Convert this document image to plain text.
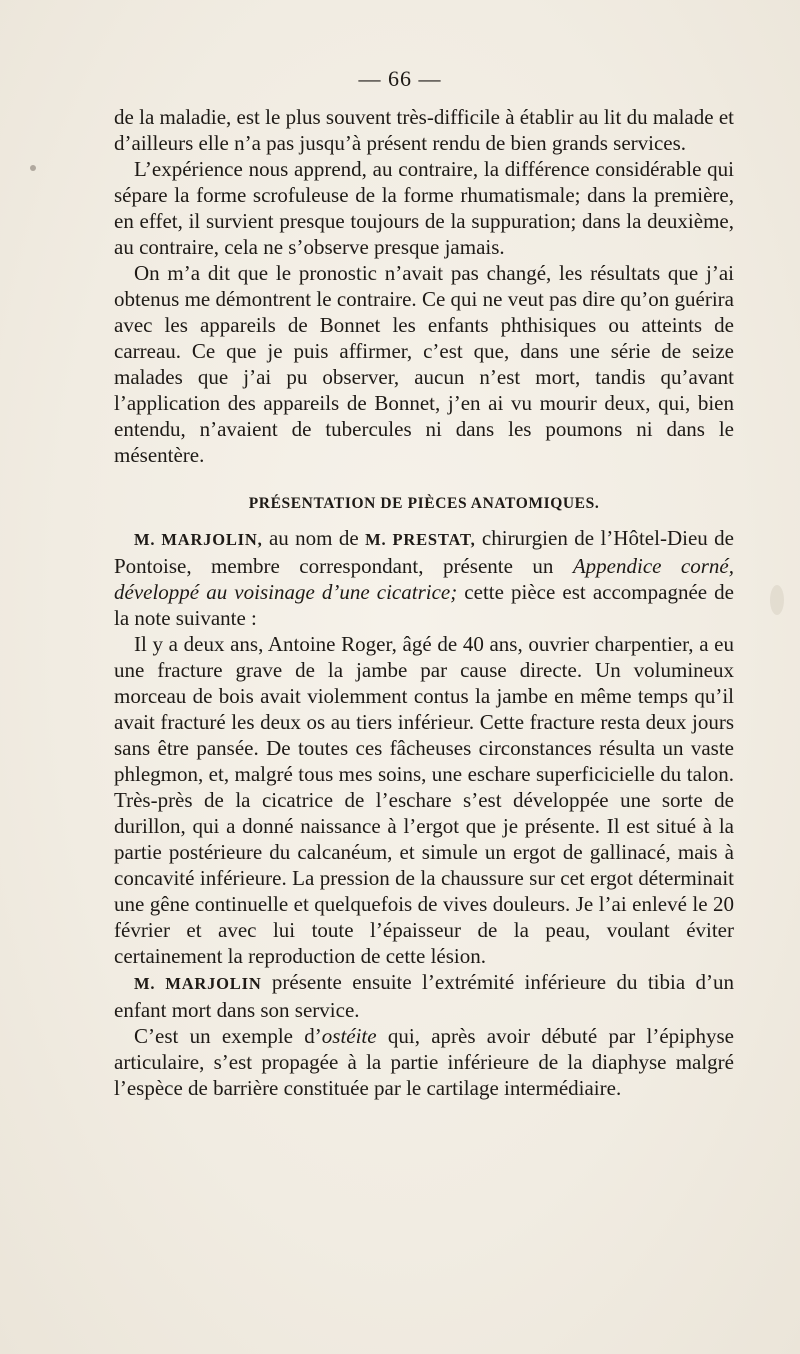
— 66 —

de la maladie, est le plus souvent très-difficile à établir au lit du malade et d’ailleurs elle n’a pas jusqu’à présent rendu de bien grands services.

L’expérience nous apprend, au contraire, la différence considérable qui sépare la forme scrofuleuse de la forme rhumatismale; dans la première, en effet, il survient presque toujours de la suppuration; dans la deuxième, au contraire, cela ne s’observe presque jamais.

On m’a dit que le pronostic n’avait pas changé, les résultats que j’ai obtenus me démontrent le contraire. Ce qui ne veut pas dire qu’on guérira avec les appareils de Bonnet les enfants phthisiques ou atteints de carreau. Ce que je puis affirmer, c’est que, dans une série de seize malades que j’ai pu observer, aucun n’est mort, tandis qu’avant l’application des appareils de Bonnet, j’en ai vu mourir deux, qui, bien entendu, n’avaient de tubercules ni dans les poumons ni dans le mésentère.

PRÉSENTATION DE PIÈCES ANATOMIQUES.

M. MARJOLIN, au nom de M. PRESTAT, chirurgien de l’Hôtel-Dieu de Pontoise, membre correspondant, présente un Appendice corné, développé au voisinage d’une cicatrice; cette pièce est accompagnée de la note suivante :

Il y a deux ans, Antoine Roger, âgé de 40 ans, ouvrier charpentier, a eu une fracture grave de la jambe par cause directe. Un volumineux morceau de bois avait violemment contus la jambe en même temps qu’il avait fracturé les deux os au tiers inférieur. Cette fracture resta deux jours sans être pansée. De toutes ces fâcheuses circonstances résulta un vaste phlegmon, et, malgré tous mes soins, une eschare superficicielle du talon. Très-près de la cicatrice de l’eschare s’est développée une sorte de durillon, qui a donné naissance à l’ergot que je présente. Il est situé à la partie postérieure du calcanéum, et simule un ergot de gallinacé, mais à concavité inférieure. La pression de la chaussure sur cet ergot déterminait une gêne continuelle et quelquefois de vives douleurs. Je l’ai enlevé le 20 février et avec lui toute l’épaisseur de la peau, voulant éviter certainement la reproduction de cette lésion.

M. MARJOLIN présente ensuite l’extrémité inférieure du tibia d’un enfant mort dans son service.

C’est un exemple d’ostéite qui, après avoir débuté par l’épiphyse articulaire, s’est propagée à la partie inférieure de la diaphyse malgré l’espèce de barrière constituée par le cartilage intermédiaire.
